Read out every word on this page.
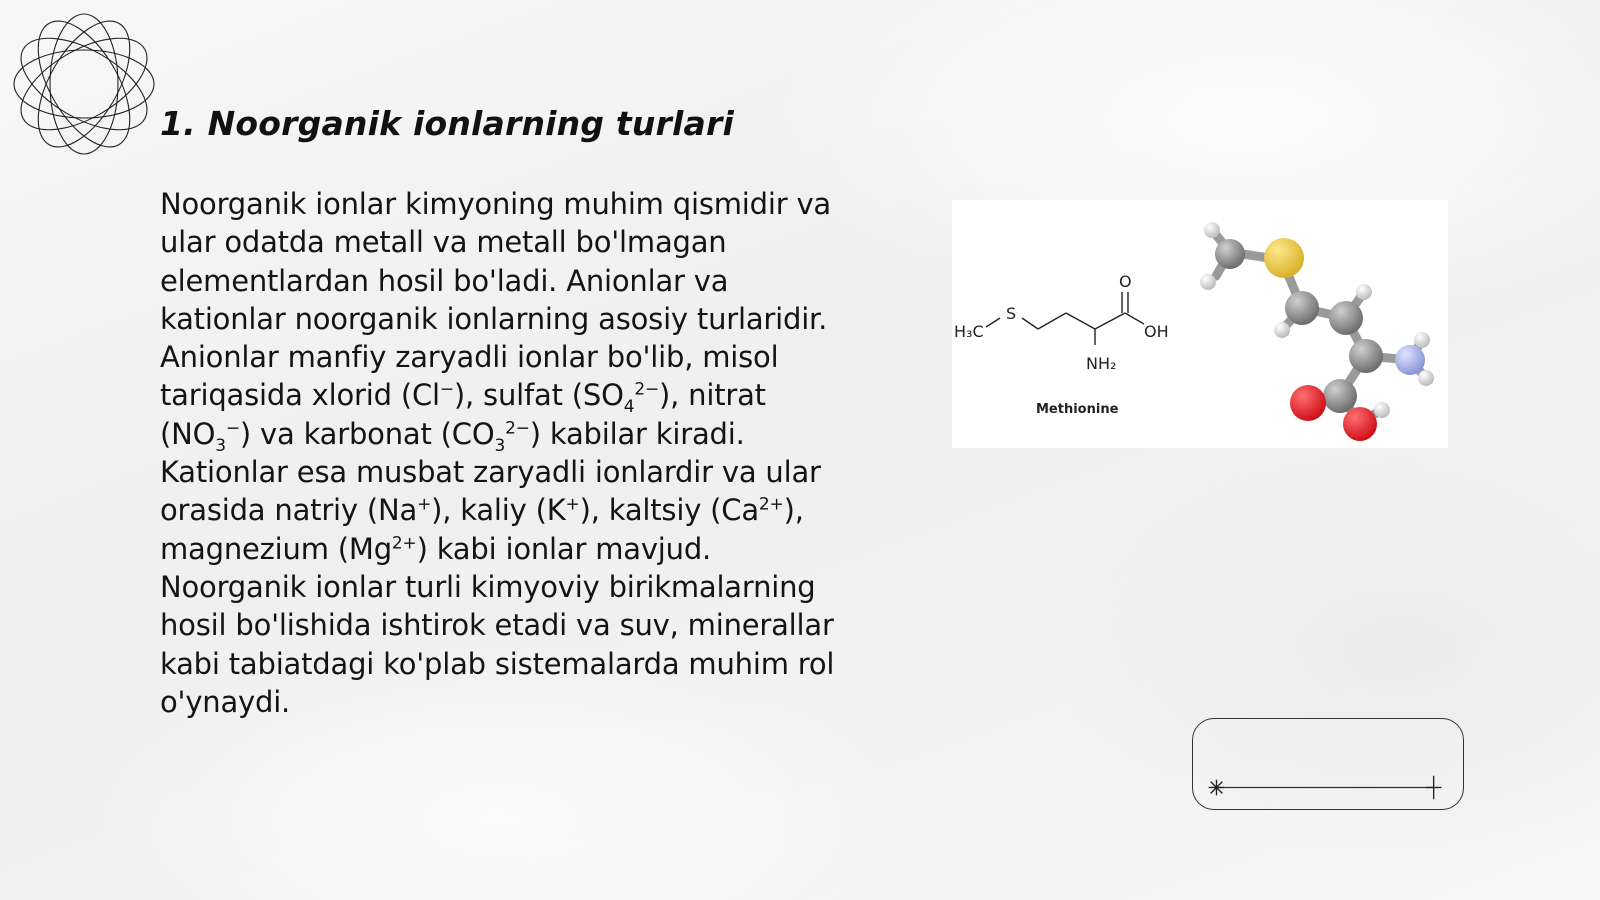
1. Noorganik ionlarning turlari

Noorganik ionlar kimyoning muhim qismidir va ular odatda metall va metall bo'lmagan elementlardan hosil bo'ladi. Anionlar va kationlar noorganik ionlarning asosiy turlaridir. Anionlar manfiy zaryadli ionlar bo'lib, misol tariqasida xlorid (Cl−), sulfat $(SO_4^{2-})$, nitrat $(NO_3^-)$ va karbonat $(CO_3^{2-})$ kabilar kiradi. Kationlar esa musbat zaryadli ionlardir va ular orasida natriy (Na+), kaliy (K+), kaltsiy $(Ca^{2+})$, magnezium $(Mg^{2+})$ kabi ionlar mavjud. Noorganik ionlar turli kimyoviy birikmalarning hosil bo'lishida ishtirok etadi va suv, minerallar kabi tabiatdagi ko'plab sistemalarda muhim rol o'ynaydi.

H₃C
S
O
OH
NH₂
Methionine
